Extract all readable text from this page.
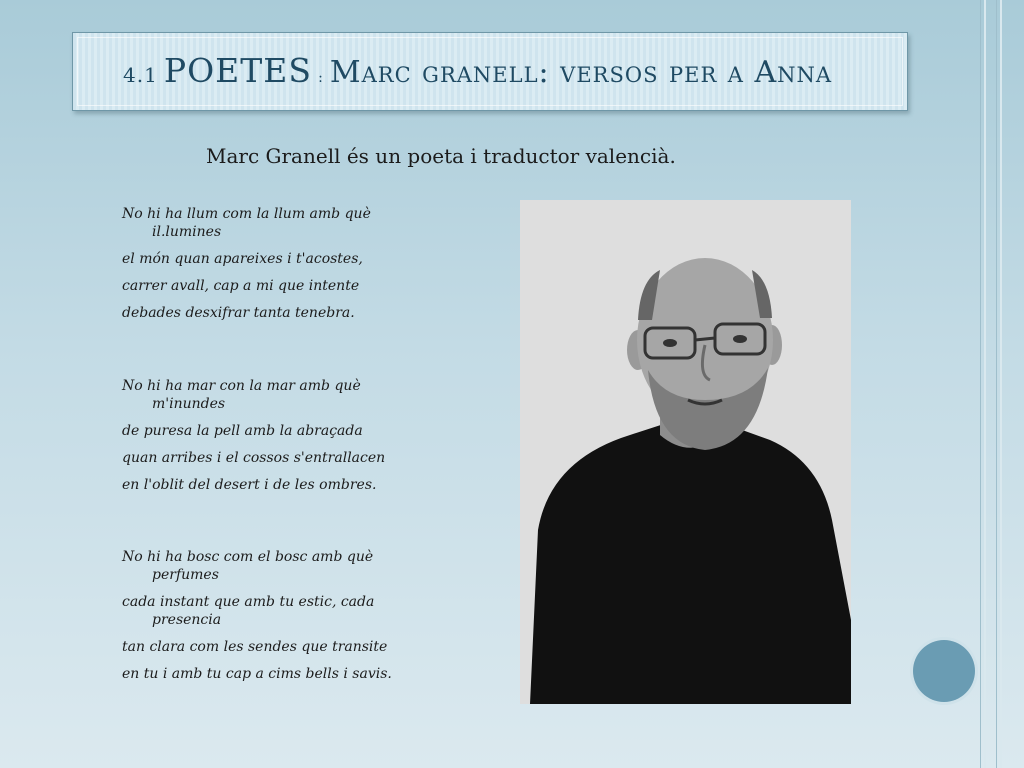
4.1 POETES : Marc granell: versos per a Anna
Marc Granell és un poeta i traductor valencià.
No hi ha llum com la llum amb què il.lumines
el món quan apareixes i t'acostes,
carrer avall, cap a mi que intente
debades desxifrar tanta tenebra.
No hi ha mar con la mar amb què m'inundes
de puresa la pell amb la abraçada
quan arribes i el cossos s'entrallacen
en l'oblit del desert i de les ombres.
No hi ha bosc com el bosc amb què perfumes
cada instant que amb tu estic, cada presencia
tan clara com les sendes que transite
en tu i amb tu cap a cims bells i savis.
